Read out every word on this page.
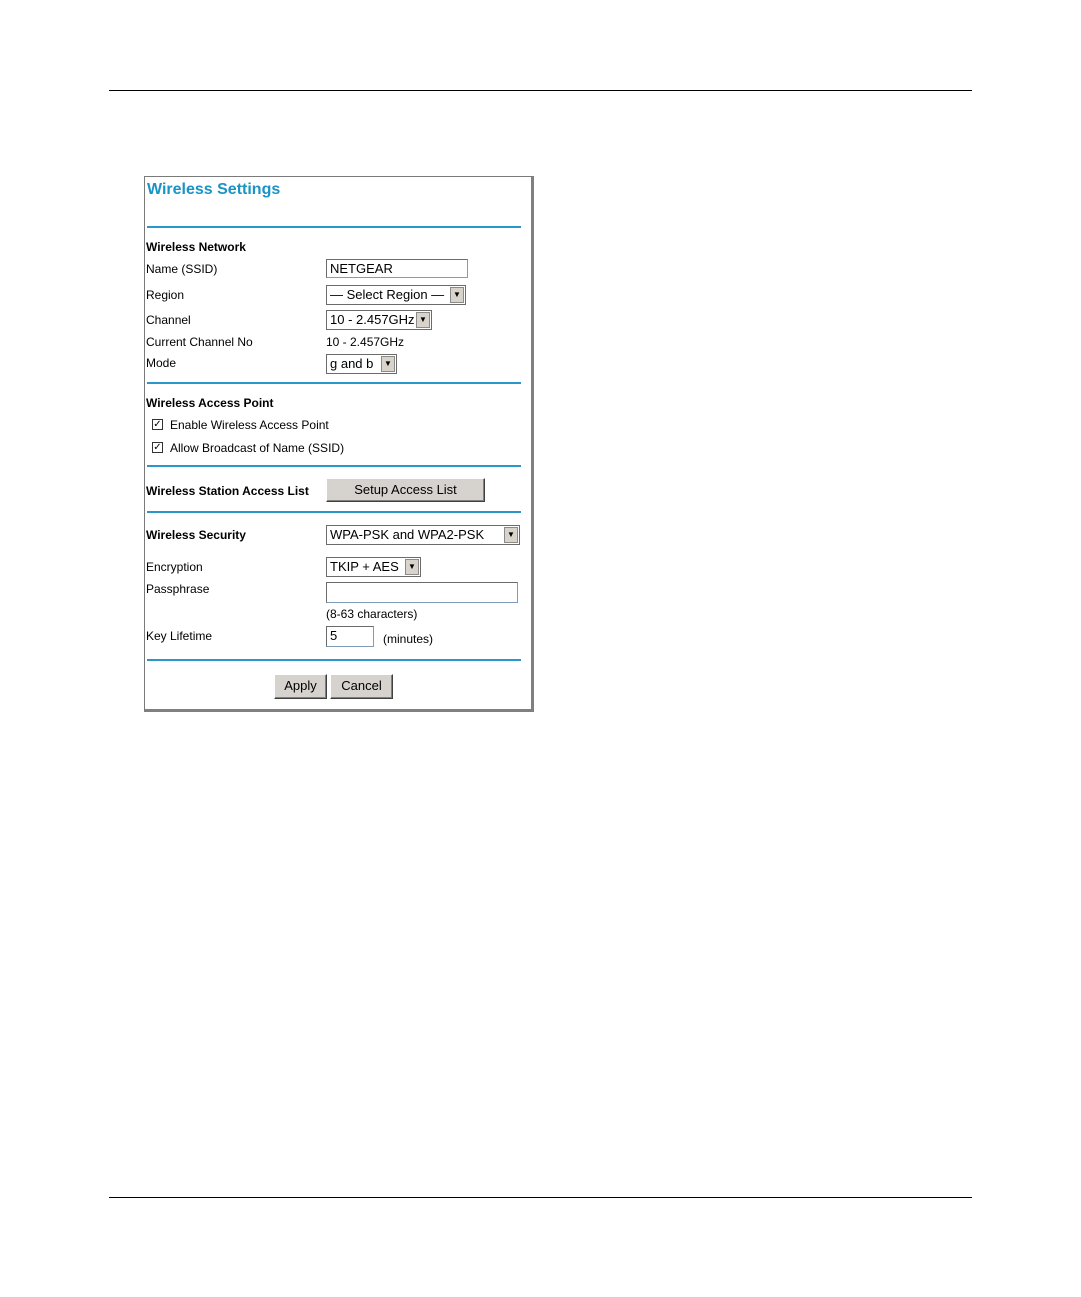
Wireless Settings
Wireless Network
Name (SSID)	NETGEAR
Region	— Select Region —	▼
Channel	10 - 2.457GHz ▼
Current Channel No	10 - 2.457GHz
Mode	g and b	▼
Wireless Access Point
✓ Enable Wireless Access Point
✓ Allow Broadcast of Name (SSID)
Wireless Station Access List	Setup Access List
Wireless Security	WPA-PSK and WPA2-PSK	▼
Encryption	TKIP + AES	▼
Passphrase
(8-63 characters)
Key Lifetime	5	(minutes)
Apply	Cancel
